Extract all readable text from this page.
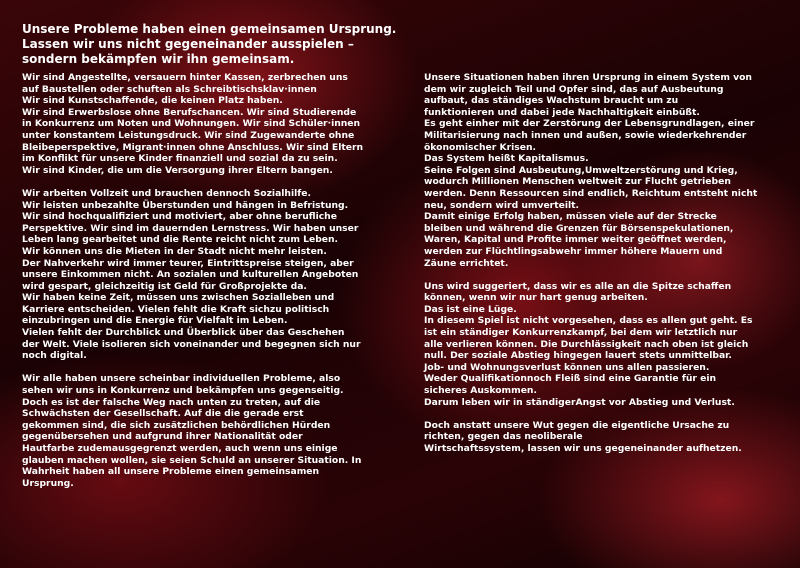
Unsere Probleme haben einen gemeinsamen Ursprung.
Lassen wir uns nicht gegeneinander ausspielen –
sondern bekämpfen wir ihn gemeinsam.

Wir sind Angestellte, versauern hinter Kassen, zerbrechen uns
auf Baustellen oder schuften als Schreibtischsklav·innen
Wir sind Kunstschaffende, die keinen Platz haben.
Wir sind Erwerbslose ohne Berufschancen. Wir sind Studierende
in Konkurrenz um Noten und Wohnungen. Wir sind Schüler·innen
unter konstantem Leistungsdruck. Wir sind Zugewanderte ohne
Bleibeperspektive, Migrant·innen ohne Anschluss. Wir sind Eltern
im Konflikt für unsere Kinder finanziell und sozial da zu sein.
Wir sind Kinder, die um die Versorgung ihrer Eltern bangen.

Wir arbeiten Vollzeit und brauchen dennoch Sozialhilfe.
Wir leisten unbezahlte Überstunden und hängen in Befristung.
Wir sind hochqualifiziert und motiviert, aber ohne berufliche
Perspektive. Wir sind im dauernden Lernstress. Wir haben unser
Leben lang gearbeitet und die Rente reicht nicht zum Leben.
Wir können uns die Mieten in der Stadt nicht mehr leisten.
Der Nahverkehr wird immer teurer, Eintrittspreise steigen, aber
unsere Einkommen nicht. An sozialen und kulturellen Angeboten
wird gespart, gleichzeitig ist Geld für Großprojekte da.
Wir haben keine Zeit, müssen uns zwischen Sozialleben und
Karriere entscheiden. Vielen fehlt die Kraft sichzu politisch
einzubringen und die Energie für Vielfalt im Leben.
Vielen fehlt der Durchblick und Überblick über das Geschehen
der Welt. Viele isolieren sich voneinander und begegnen sich nur
noch digital.

Wir alle haben unsere scheinbar individuellen Probleme, also
sehen wir uns in Konkurrenz und bekämpfen uns gegenseitig.
Doch es ist der falsche Weg nach unten zu treten, auf die
Schwächsten der Gesellschaft. Auf die die gerade erst
gekommen sind, die sich zusätzlichen behördlichen Hürden
gegenübersehen und aufgrund ihrer Nationalität oder
Hautfarbe zudemausgegrenzt werden, auch wenn uns einige
glauben machen wollen, sie seien Schuld an unserer Situation. In
Wahrheit haben all unsere Probleme einen gemeinsamen
Ursprung.

Unsere Situationen haben ihren Ursprung in einem System von
dem wir zugleich Teil und Opfer sind, das auf Ausbeutung
aufbaut, das ständiges Wachstum braucht um zu
funktionieren und dabei jede Nachhaltigkeit einbüßt.
Es geht einher mit der Zerstörung der Lebensgrundlagen, einer
Militarisierung nach innen und außen, sowie wiederkehrender
ökonomischer Krisen.
Das System heißt Kapitalismus.
Seine Folgen sind Ausbeutung,Umweltzerstörung und Krieg,
wodurch Millionen Menschen weltweit zur Flucht getrieben
werden. Denn Ressourcen sind endlich, Reichtum entsteht nicht
neu, sondern wird umverteilt.
Damit einige Erfolg haben, müssen viele auf der Strecke
bleiben und während die Grenzen für Börsenspekulationen,
Waren, Kapital und Profite immer weiter geöffnet werden,
werden zur Flüchtlingsabwehr immer höhere Mauern und
Zäune errichtet.

Uns wird suggeriert, dass wir es alle an die Spitze schaffen
können, wenn wir nur hart genug arbeiten.
Das ist eine Lüge.
In diesem Spiel ist nicht vorgesehen, dass es allen gut geht. Es
ist ein ständiger Konkurrenzkampf, bei dem wir letztlich nur
alle verlieren können. Die Durchlässigkeit nach oben ist gleich
null. Der soziale Abstieg hingegen lauert stets unmittelbar.
Job- und Wohnungsverlust können uns allen passieren.
Weder Qualifikationnoch Fleiß sind eine Garantie für ein
sicheres Auskommen.
Darum leben wir in ständigerAngst vor Abstieg und Verlust.

Doch anstatt unsere Wut gegen die eigentliche Ursache zu
richten, gegen das neoliberale
Wirtschaftssystem, lassen wir uns gegeneinander aufhetzen.
